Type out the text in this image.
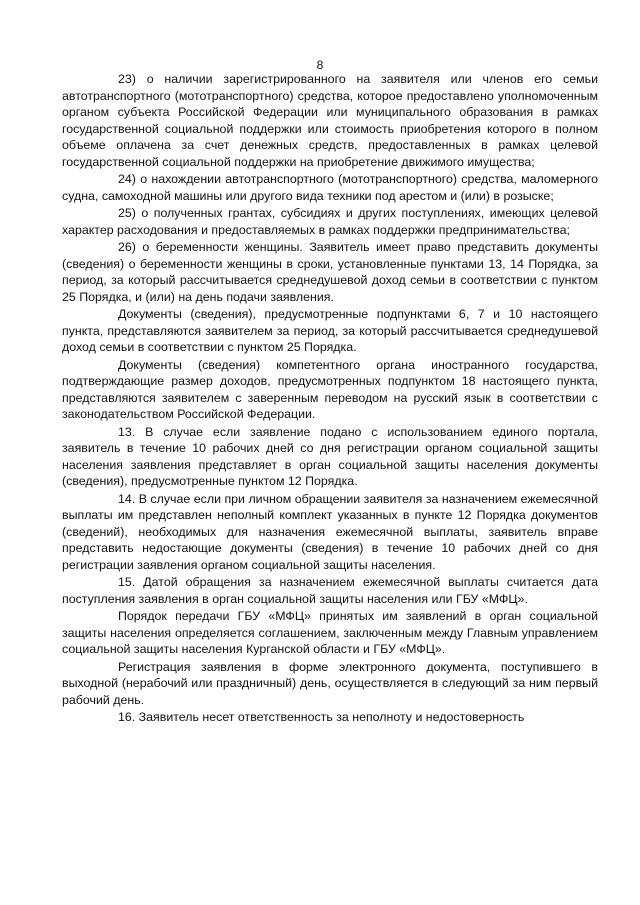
8

23) о наличии зарегистрированного на заявителя или членов его семьи автотранспортного (мототранспортного) средства, которое предоставлено уполномоченным органом субъекта Российской Федерации или муниципального образования в рамках государственной социальной поддержки или стоимость приобретения которого в полном объеме оплачена за счет денежных средств, предоставленных в рамках целевой государственной социальной поддержки на приобретение движимого имущества;

24) о нахождении автотранспортного (мототранспортного) средства, маломерного судна, самоходной машины или другого вида техники под арестом и (или) в розыске;

25) о полученных грантах, субсидиях и других поступлениях, имеющих целевой характер расходования и предоставляемых в рамках поддержки предпринимательства;

26) о беременности женщины. Заявитель имеет право представить документы (сведения) о беременности женщины в сроки, установленные пунктами 13, 14 Порядка, за период, за который рассчитывается среднедушевой доход семьи в соответствии с пунктом 25 Порядка, и (или) на день подачи заявления.

Документы (сведения), предусмотренные подпунктами 6, 7 и 10 настоящего пункта, представляются заявителем за период, за который рассчитывается среднедушевой доход семьи в соответствии с пунктом 25 Порядка.

Документы (сведения) компетентного органа иностранного государства, подтверждающие размер доходов, предусмотренных подпунктом 18 настоящего пункта, представляются заявителем с заверенным переводом на русский язык в соответствии с законодательством Российской Федерации.

13. В случае если заявление подано с использованием единого портала, заявитель в течение 10 рабочих дней со дня регистрации органом социальной защиты населения заявления представляет в орган социальной защиты населения документы (сведения), предусмотренные пунктом 12 Порядка.

14. В случае если при личном обращении заявителя за назначением ежемесячной выплаты им представлен неполный комплект указанных в пункте 12 Порядка документов (сведений), необходимых для назначения ежемесячной выплаты, заявитель вправе представить недостающие документы (сведения) в течение 10 рабочих дней со дня регистрации заявления органом социальной защиты населения.

15. Датой обращения за назначением ежемесячной выплаты считается дата поступления заявления в орган социальной защиты населения или ГБУ «МФЦ».

Порядок передачи ГБУ «МФЦ» принятых им заявлений в орган социальной защиты населения определяется соглашением, заключенным между Главным управлением социальной защиты населения Курганской области и ГБУ «МФЦ».

Регистрация заявления в форме электронного документа, поступившего в выходной (нерабочий или праздничный) день, осуществляется в следующий за ним первый рабочий день.

16. Заявитель несет ответственность за неполноту и недостоверность
